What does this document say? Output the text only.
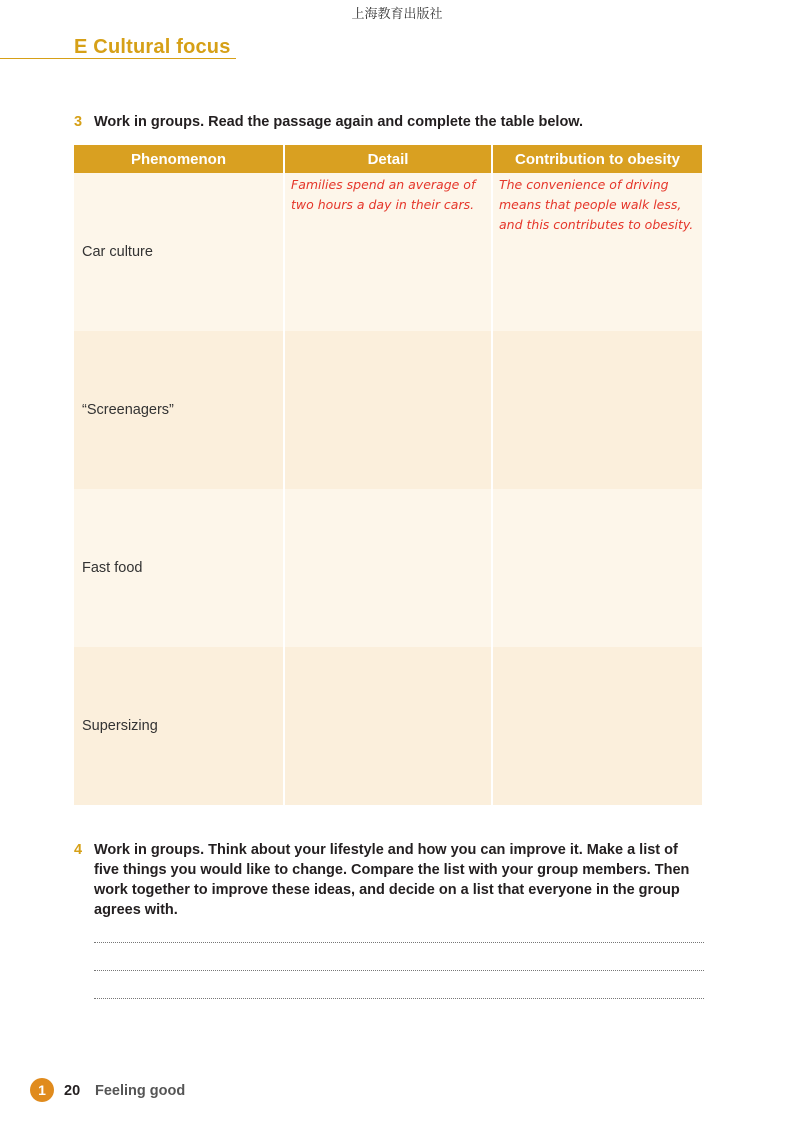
上海教育出版社
E Cultural focus
3 Work in groups. Read the passage again and complete the table below.
Phenomenon	Detail	Contribution to obesity
Car culture	Families spend an average of two hours a day in their cars.	The convenience of driving means that people walk less, and this contributes to obesity.

“Screenagers”	

Fast food	

Supersizing	

4 Work in groups. Think about your lifestyle and how you can improve it. Make a list of five things you would like to change. Compare the list with your group members. Then work together to improve these ideas, and decide on a list that everyone in the group agrees with.
1	20 Feeling good
